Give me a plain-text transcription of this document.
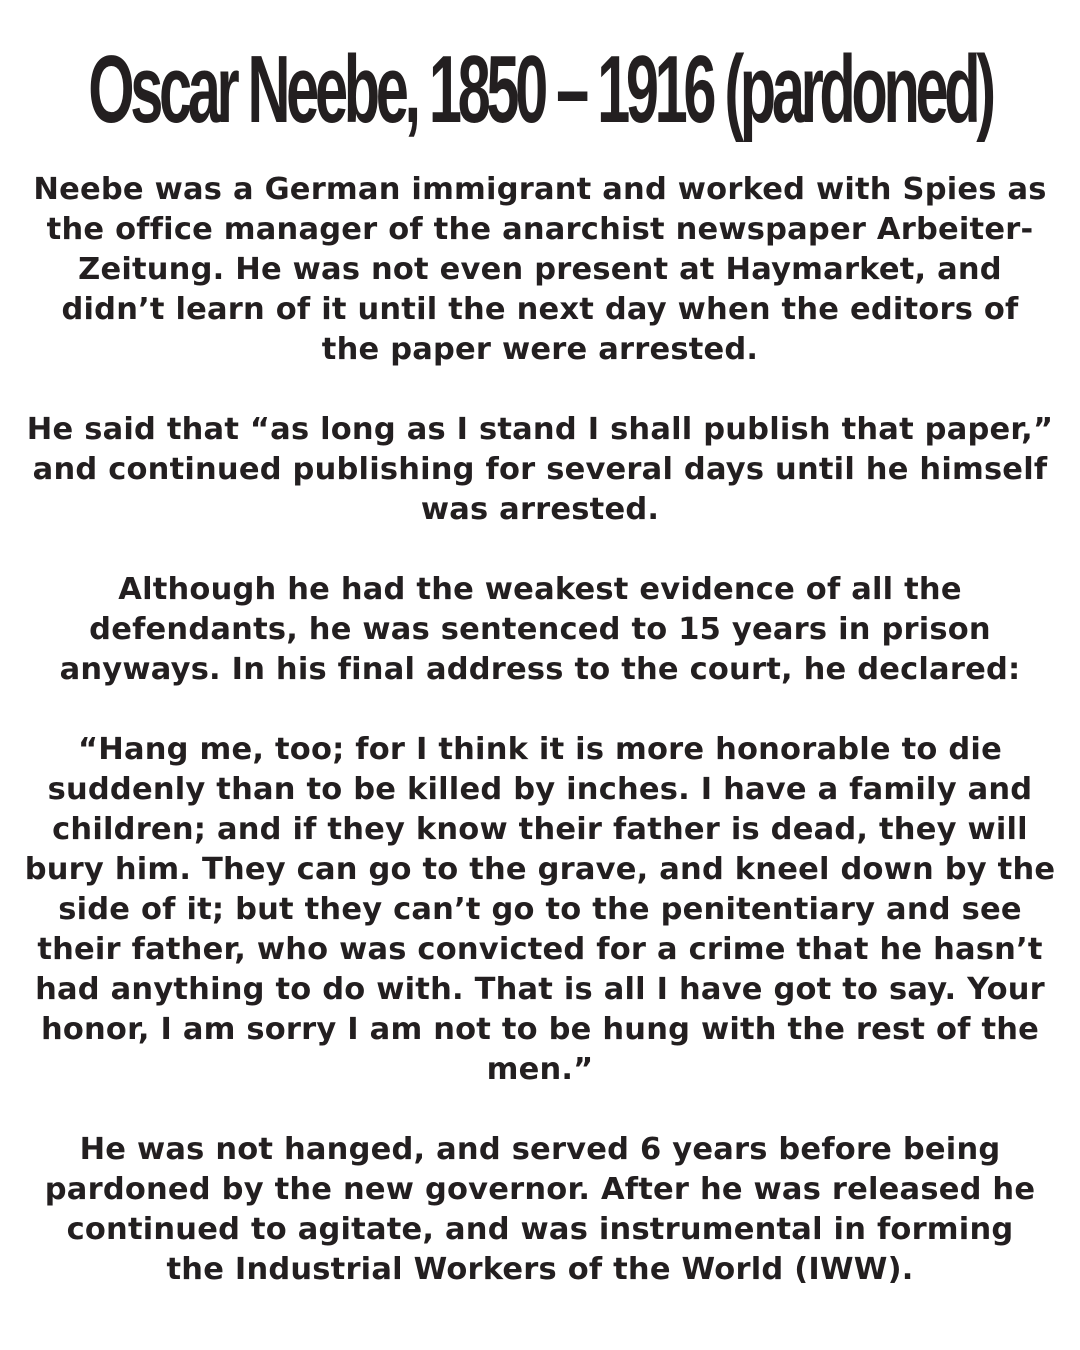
Oscar Neebe, 1850 – 1916 (pardoned)

Neebe was a German immigrant and worked with Spies as the office manager of the anarchist newspaper Arbeiter-Zeitung. He was not even present at Haymarket, and didn’t learn of it until the next day when the editors of the paper were arrested.

He said that “as long as I stand I shall publish that paper,” and continued publishing for several days until he himself was arrested.

Although he had the weakest evidence of all the defendants, he was sentenced to 15 years in prison anyways. In his final address to the court, he declared:

“Hang me, too; for I think it is more honorable to die suddenly than to be killed by inches. I have a family and children; and if they know their father is dead, they will bury him. They can go to the grave, and kneel down by the side of it; but they can’t go to the penitentiary and see their father, who was convicted for a crime that he hasn’t had anything to do with. That is all I have got to say. Your honor, I am sorry I am not to be hung with the rest of the men.”

He was not hanged, and served 6 years before being pardoned by the new governor. After he was released he continued to agitate, and was instrumental in forming the Industrial Workers of the World (IWW).
